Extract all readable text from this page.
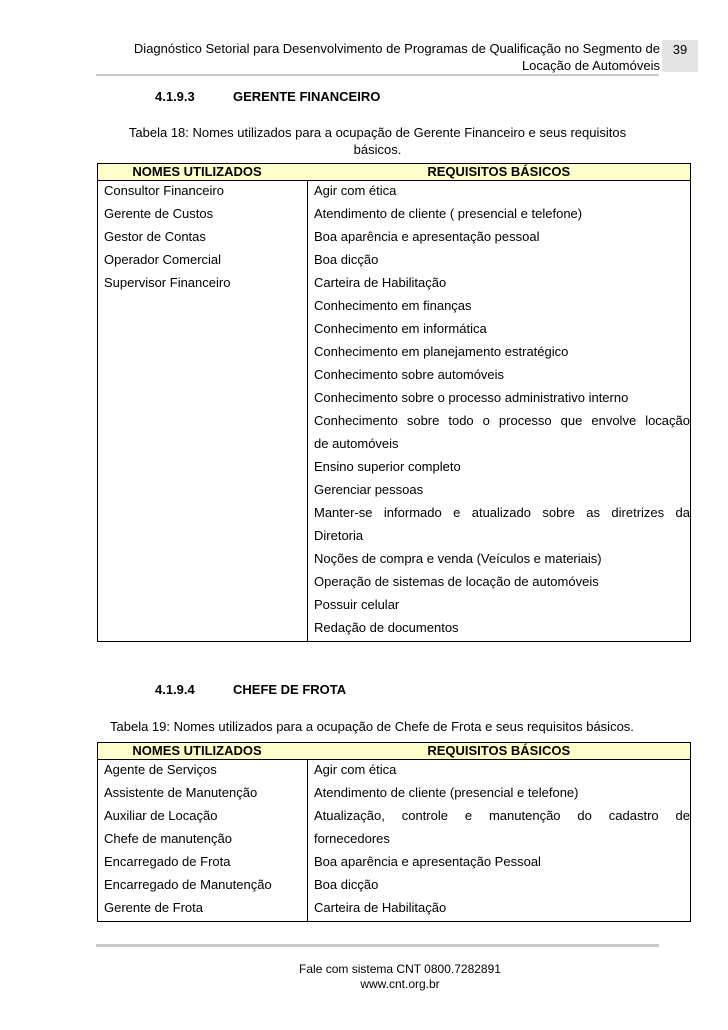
Diagnóstico Setorial para Desenvolvimento de Programas de Qualificação no Segmento de
Locação de Automóveis
39
4.1.9.3	GERENTE FINANCEIRO
Tabela 18: Nomes utilizados para a ocupação de Gerente Financeiro e seus requisitos
básicos.
NOMES UTILIZADOS	REQUISITOS BÁSICOS
Consultor Financeiro	Agir com ética
Gerente de Custos	Atendimento de cliente ( presencial e telefone)
Gestor de Contas	Boa aparência e apresentação pessoal
Operador Comercial	Boa dicção
Supervisor Financeiro	Carteira de Habilitação
	Conhecimento em finanças
	Conhecimento em informática
	Conhecimento em planejamento estratégico
	Conhecimento sobre automóveis
	Conhecimento sobre o processo administrativo interno
	Conhecimento sobre todo o processo que envolve locação
	de automóveis
	Ensino superior completo
	Gerenciar pessoas
	Manter-se informado e atualizado sobre as diretrizes da
	Diretoria
	Noções de compra e venda (Veículos e materiais)
	Operação de sistemas de locação de automóveis
	Possuir celular
	Redação de documentos
4.1.9.4	CHEFE DE FROTA
Tabela 19: Nomes utilizados para a ocupação de Chefe de Frota e seus requisitos básicos.
NOMES UTILIZADOS	REQUISITOS BÁSICOS
Agente de Serviços	Agir com ética
Assistente de Manutenção	Atendimento de cliente (presencial e telefone)
Auxiliar de Locação	Atualização, controle e manutenção do cadastro de
Chefe de manutenção	fornecedores
Encarregado de Frota	Boa aparência e apresentação Pessoal
Encarregado de Manutenção	Boa dicção
Gerente de Frota	Carteira de Habilitação
Fale com sistema CNT 0800.7282891
www.cnt.org.br
